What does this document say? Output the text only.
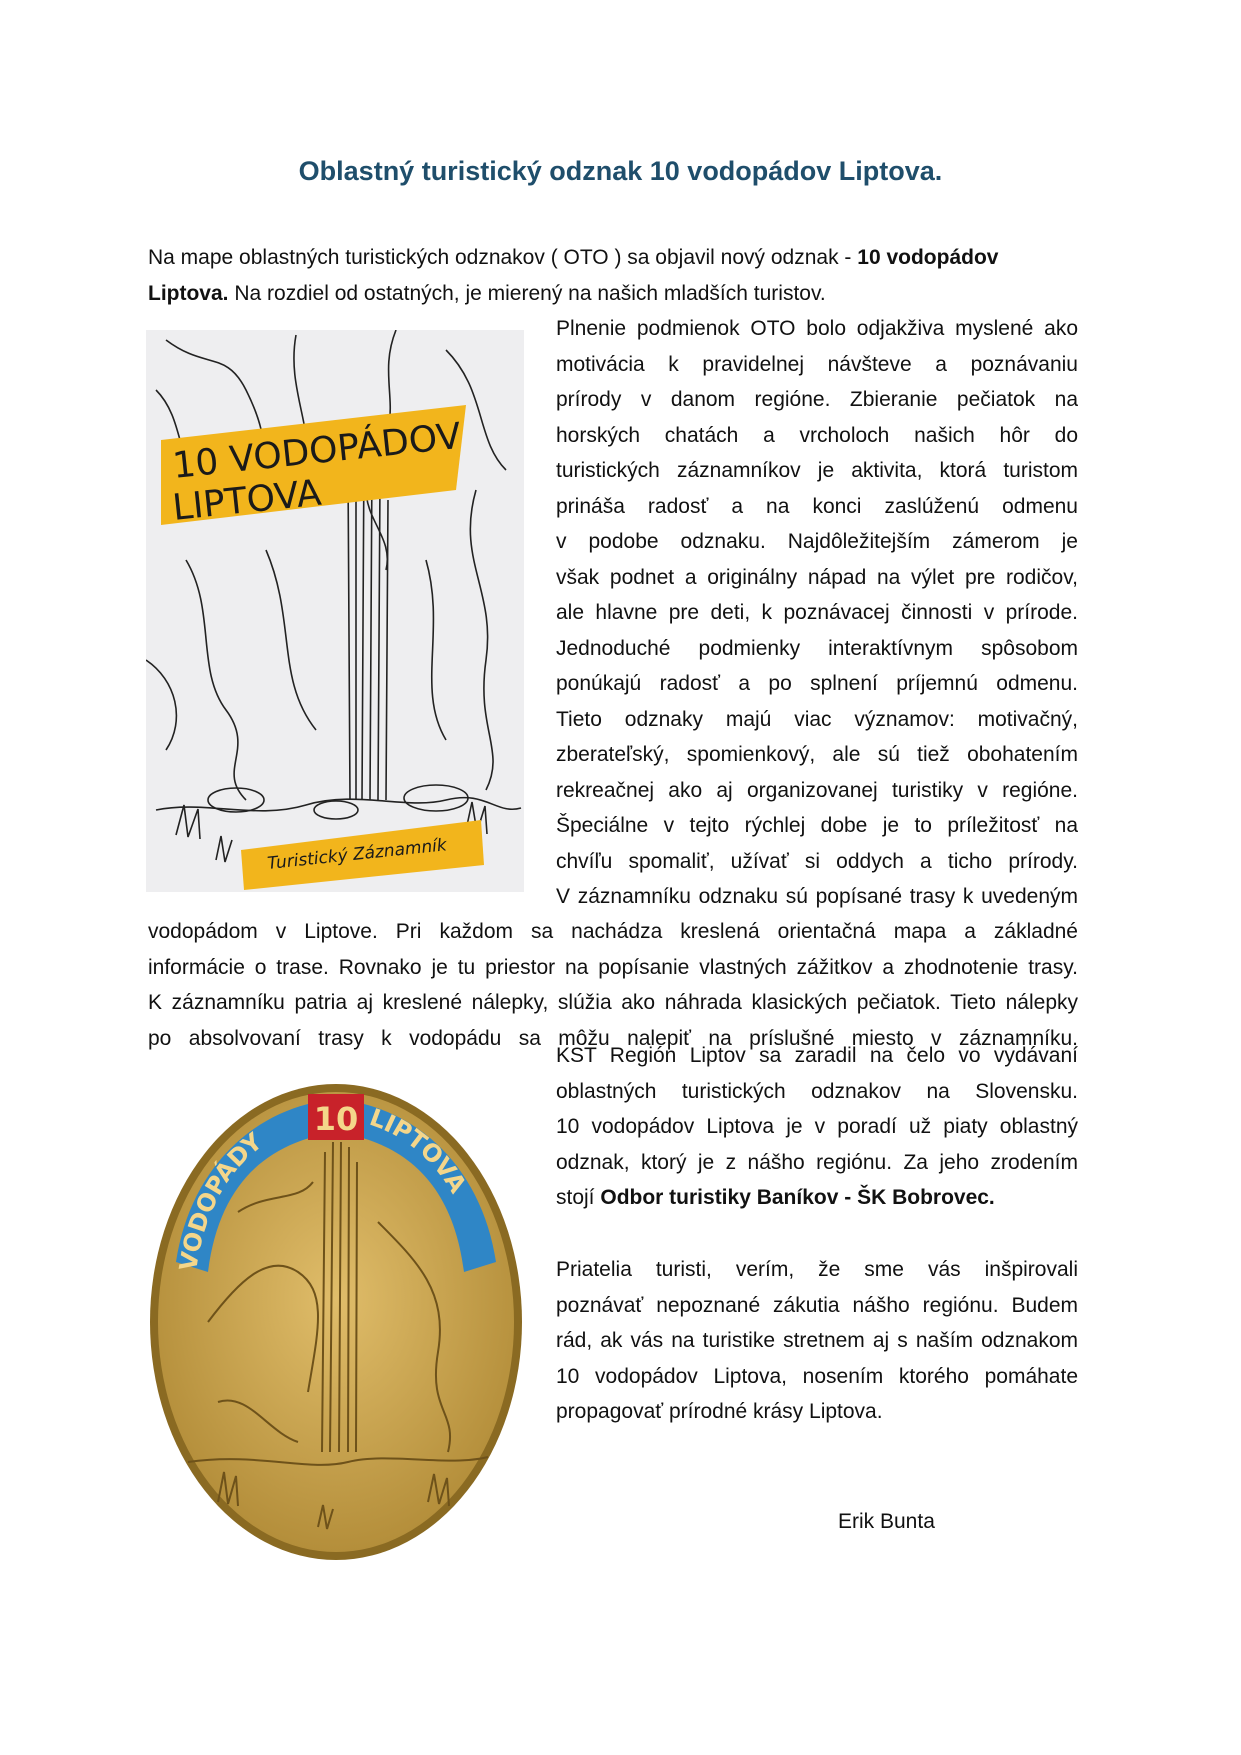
Oblastný turistický odznak 10 vodopádov Liptova.
Na mape oblastných turistických odznakov ( OTO ) sa objavil nový odznak - 10 vodopádov
Liptova. Na rozdiel od ostatných, je mierený na našich mladších turistov.
10 VODOPÁDOV
LIPTOVA
Turistický Záznamník
Plnenie podmienok OTO bolo odjakživa myslené ako
motivácia k pravidelnej návšteve a poznávaniu
prírody v danom regióne. Zbieranie pečiatok na
horských chatách a vrcholoch našich hôr do
turistických záznamníkov je aktivita, ktorá turistom
prináša radosť a na konci zaslúženú odmenu
v podobe odznaku. Najdôležitejším zámerom je
však podnet a originálny nápad na výlet pre rodičov,
ale hlavne pre deti, k poznávacej činnosti v prírode.
Jednoduché podmienky interaktívnym spôsobom
ponúkajú radosť a po splnení príjemnú odmenu.
Tieto odznaky majú viac významov: motivačný,
zberateľský, spomienkový, ale sú tiež obohatením
rekreačnej ako aj organizovanej turistiky v regióne.
Špeciálne v tejto rýchlej dobe je to príležitosť na
chvíľu spomaliť, užívať si oddych a ticho prírody.
V záznamníku odznaku sú popísané trasy k uvedeným
vodopádom v Liptove. Pri každom sa nachádza kreslená orientačná mapa a základné
informácie o trase. Rovnako je tu priestor na popísanie vlastných zážitkov a zhodnotenie trasy.
K záznamníku patria aj kreslené nálepky, slúžia ako náhrada klasických pečiatok. Tieto nálepky
po absolvovaní trasy k vodopádu sa môžu nalepiť na príslušné miesto v záznamníku.
10
VODOPÁDY
LIPTOVA
KST Región Liptov sa zaradil na čelo vo vydávaní
oblastných turistických odznakov na Slovensku.
10 vodopádov Liptova je v poradí už piaty oblastný
odznak, ktorý je z nášho regiónu. Za jeho zrodením
stojí Odbor turistiky Baníkov - ŠK Bobrovec.
Priatelia turisti, verím, že sme vás inšpirovali
poznávať nepoznané zákutia nášho regiónu. Budem
rád, ak vás na turistike stretnem aj s naším odznakom
10 vodopádov Liptova, nosením ktorého pomáhate
propagovať prírodné krásy Liptova.
Erik Bunta
